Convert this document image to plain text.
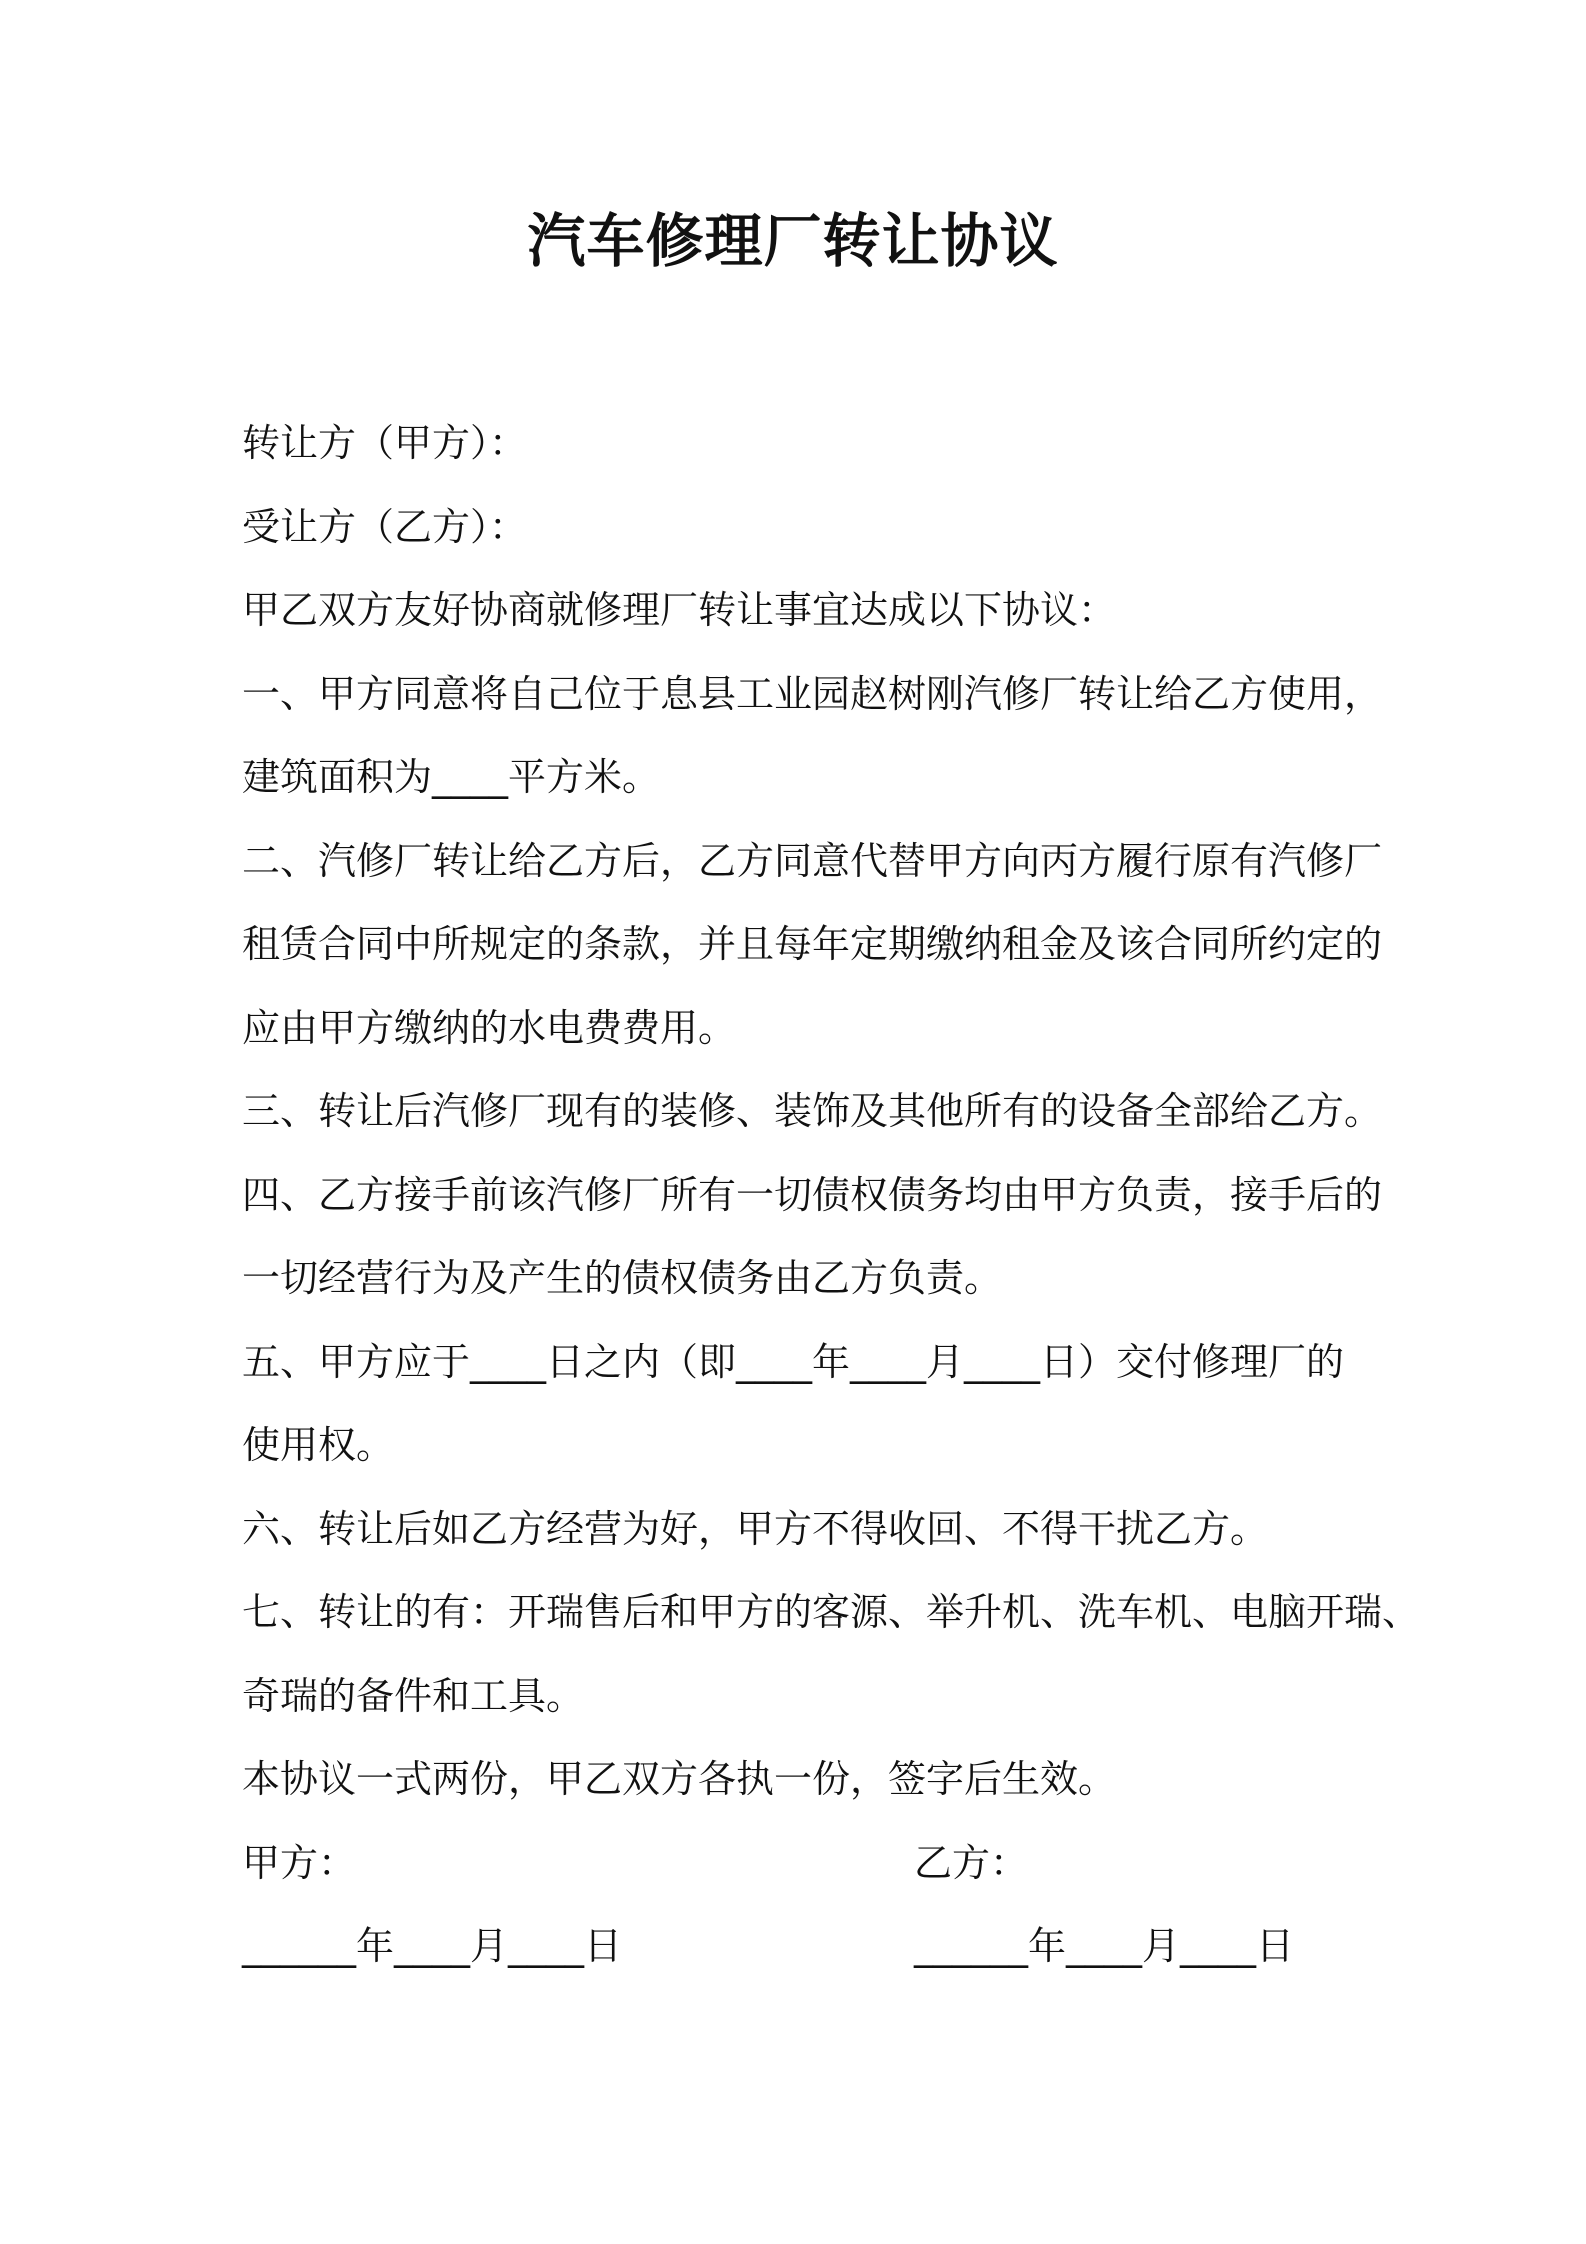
汽车修理厂转让协议
转让方（甲方）：
受让方（乙方）：
甲乙双方友好协商就修理厂转让事宜达成以下协议：
一、甲方同意将自己位于息县工业园赵树刚汽修厂转让给乙方使用，
建筑面积为____平方米。
二、汽修厂转让给乙方后，乙方同意代替甲方向丙方履行原有汽修厂
租赁合同中所规定的条款，并且每年定期缴纳租金及该合同所约定的
应由甲方缴纳的水电费费用。
三、转让后汽修厂现有的装修、装饰及其他所有的设备全部给乙方。
四、乙方接手前该汽修厂所有一切债权债务均由甲方负责，接手后的
一切经营行为及产生的债权债务由乙方负责。
五、甲方应于____日之内（即____年____月____日）交付修理厂的
使用权。
六、转让后如乙方经营为好，甲方不得收回、不得干扰乙方。
七、转让的有：开瑞售后和甲方的客源、举升机、洗车机、电脑开瑞、
奇瑞的备件和工具。
本协议一式两份，甲乙双方各执一份，签字后生效。
甲方：	乙方：
______年____月____日	______年____月____日
